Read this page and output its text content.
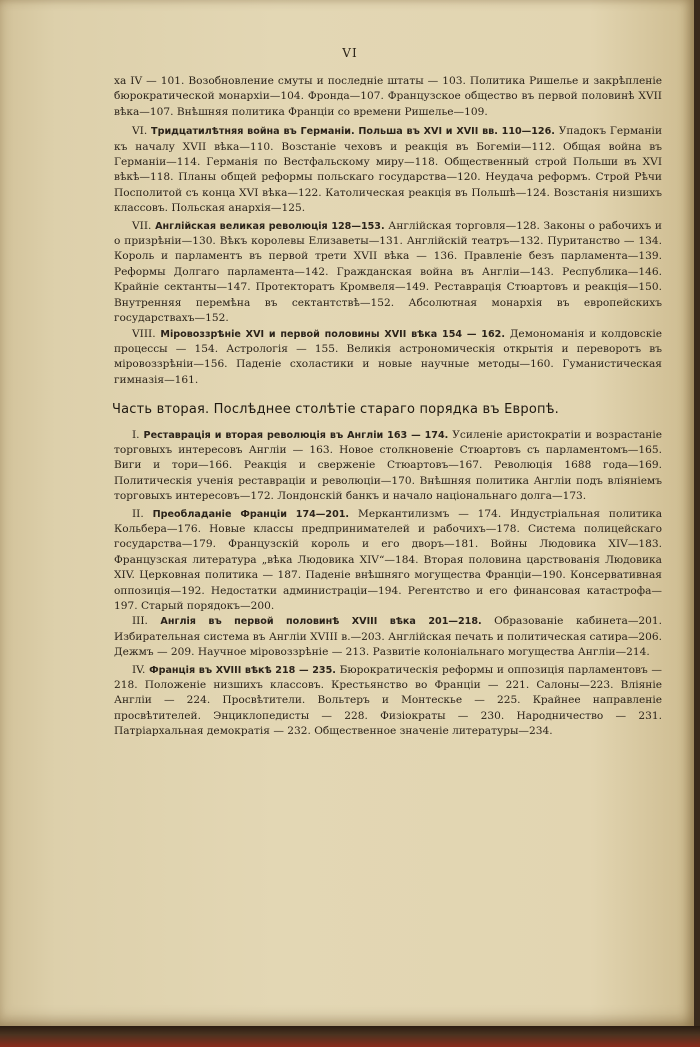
VI

ха IV — 101. Возобновление смуты и последніе штаты — 103. Политика Ришелье и закрѣпленіе бюрократической монархіи—104. Фронда—107. Французское общество въ первой половинѣ XVII вѣка—107. Внѣшняя политика Франціи со времени Ришелье—109.

VI. Тридцатилѣтняя война въ Германіи. Польша въ XVI и XVII вв. 110—126. Упадокъ Германіи къ началу XVII вѣка—110. Возстаніе чеховъ и реакція въ Богеміи—112. Общая война въ Германіи—114. Германія по Вестфальскому миру—118. Общественный строй Польши въ XVI вѣкѣ—118. Планы общей реформы польскаго государства—120. Неудача реформъ. Строй Рѣчи Посполитой съ конца XVI вѣка—122. Католическая реакція въ Польшѣ—124. Возстанія низшихъ классовъ. Польская анархія—125.

VII. Англійская великая революція 128—153. Англійская торговля—128. Законы о рабочихъ и о призрѣніи—130. Вѣкъ королевы Елизаветы—131. Англійскій театръ—132. Пуританство — 134. Король и парламентъ въ первой трети XVII вѣка — 136. Правленіе безъ парламента—139. Реформы Долгаго парламента—142. Гражданская война въ Англіи—143. Республика—146. Крайніе сектанты—147. Протекторатъ Кромвеля—149. Реставрація Стюартовъ и реакція—150. Внутренняя перемѣна въ сектантствѣ—152. Абсолютная монархія въ европейскихъ государствахъ—152.

VIII. Міровоззрѣніе XVI и первой половины XVII вѣка 154 — 162. Демономанія и колдовскіе процессы — 154. Астрологія — 155. Великія астрономическія открытія и переворотъ въ міровоззрѣніи—156. Паденіе схоластики и новые научные методы—160. Гуманистическая гимназія—161.

Часть вторая. Послѣднее столѣтіе стараго порядка въ Европѣ.

I. Реставрація и вторая революція въ Англіи 163 — 174. Усиленіе аристократіи и возрастаніе торговыхъ интересовъ Англіи — 163. Новое столкновеніе Стюартовъ съ парламентомъ—165. Виги и тори—166. Реакція и сверженіе Стюартовъ—167. Революція 1688 года—169. Политическія ученія реставраціи и революціи—170. Внѣшняя политика Англіи подъ вліяніемъ торговыхъ интересовъ—172. Лондонскій банкъ и начало національнаго долга—173.

II. Преобладаніе Франціи 174—201. Меркантилизмъ — 174. Индустріальная политика Кольбера—176. Новые классы предпринимателей и рабочихъ—178. Система полицейскаго государства—179. Французскій король и его дворъ—181. Войны Людовика XIV—183. Французская литература „вѣка Людовика XIV“—184. Вторая половина царствованія Людовика XIV. Церковная политика — 187. Паденіе внѣшняго могущества Франціи—190. Консервативная оппозиція—192. Недостатки администраціи—194. Регентство и его финансовая катастрофа—197. Старый порядокъ—200.

III. Англія въ первой половинѣ XVIII вѣка 201—218. Образованіе кабинета—201. Избирательная система въ Англіи XVIII в.—203. Англійская печать и политическая сатира—206. Дежмъ — 209. Научное міровоззрѣніе — 213. Развитіе колоніальнаго могущества Англіи—214.

IV. Франція въ XVIII вѣкѣ 218 — 235. Бюрократическія реформы и оппозиція парламентовъ — 218. Положеніе низшихъ классовъ. Крестьянство во Франціи — 221. Салоны—223. Вліяніе Англіи — 224. Просвѣтители. Вольтеръ и Монтескье — 225. Крайнее направленіе просвѣтителей. Энциклопедисты — 228. Физіократы — 230. Народничество — 231. Патріархальная демократія — 232. Общественное значеніе литературы—234.
